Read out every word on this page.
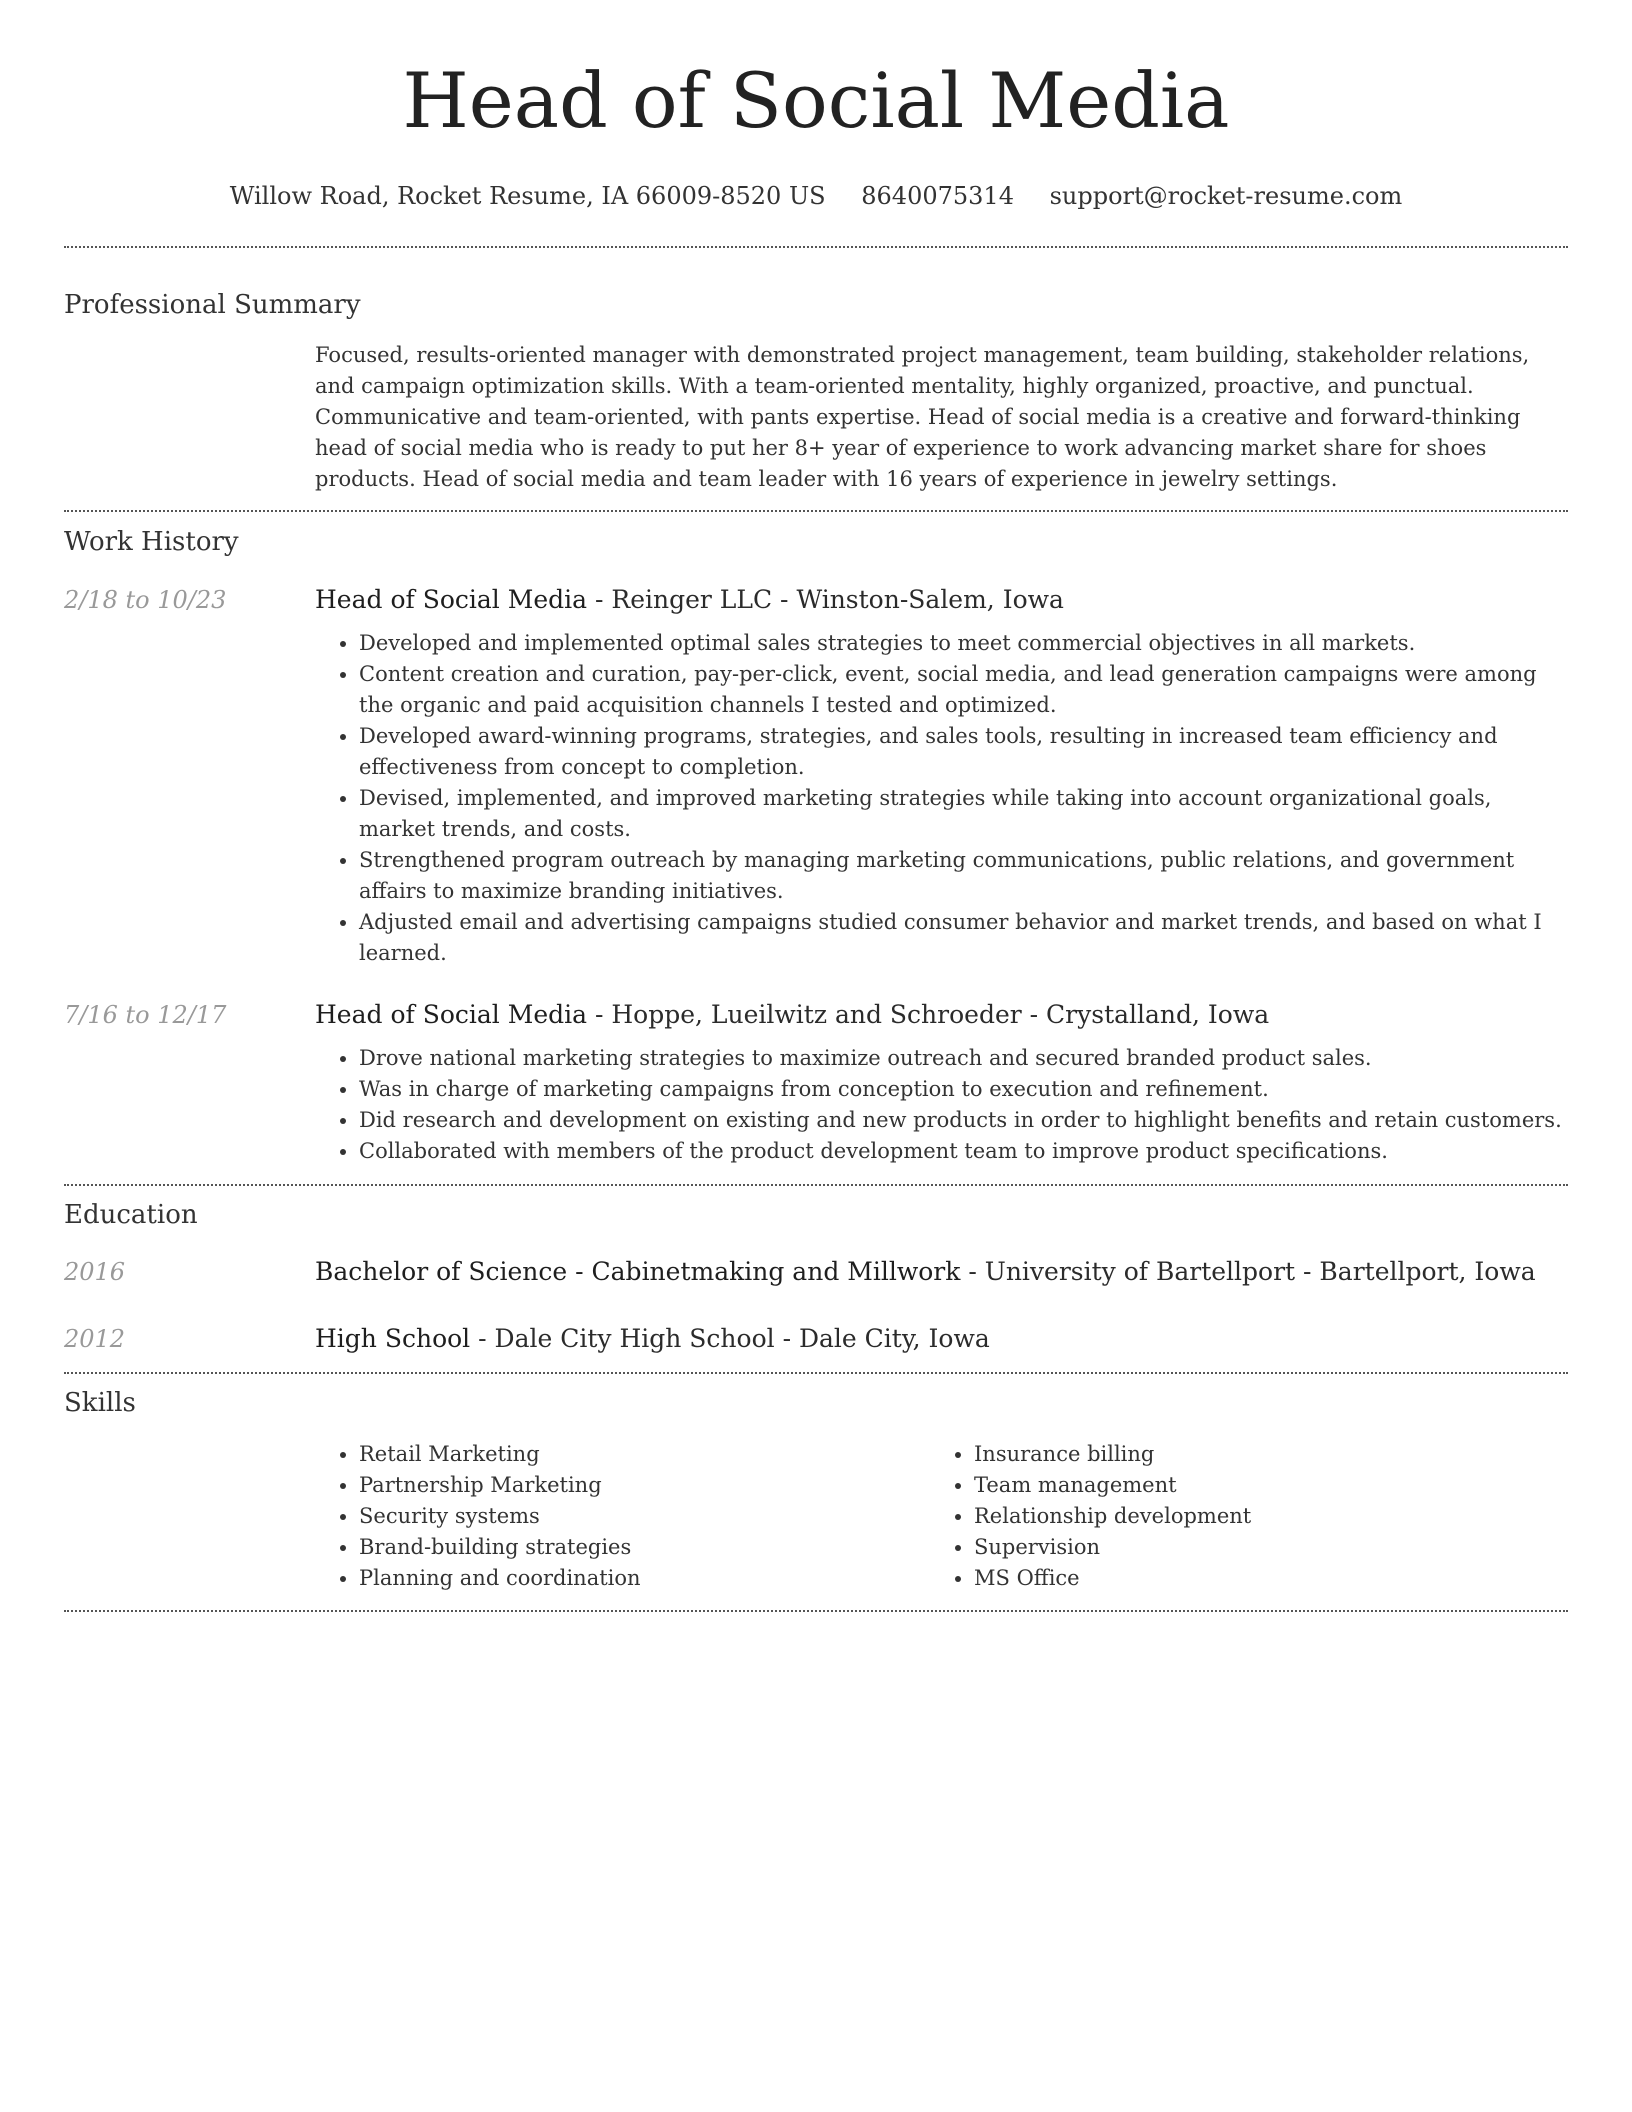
Head of Social Media
Willow Road, Rocket Resume, IA 66009-8520 US 8640075314 support@rocket-resume.com
Professional Summary
Focused, results-oriented manager with demonstrated project management, team building, stakeholder relations, and campaign optimization skills. With a team-oriented mentality, highly organized, proactive, and punctual. Communicative and team-oriented, with pants expertise. Head of social media is a creative and forward-thinking head of social media who is ready to put her 8+ year of experience to work advancing market share for shoes products. Head of social media and team leader with 16 years of experience in jewelry settings.
Work History
2/18 to 10/23	Head of Social Media - Reinger LLC - Winston-Salem, Iowa
• Developed and implemented optimal sales strategies to meet commercial objectives in all markets.
• Content creation and curation, pay-per-click, event, social media, and lead generation campaigns were among the organic and paid acquisition channels I tested and optimized.
• Developed award-winning programs, strategies, and sales tools, resulting in increased team efficiency and effectiveness from concept to completion.
• Devised, implemented, and improved marketing strategies while taking into account organizational goals, market trends, and costs.
• Strengthened program outreach by managing marketing communications, public relations, and government affairs to maximize branding initiatives.
• Adjusted email and advertising campaigns studied consumer behavior and market trends, and based on what I learned.
7/16 to 12/17	Head of Social Media - Hoppe, Lueilwitz and Schroeder - Crystalland, Iowa
• Drove national marketing strategies to maximize outreach and secured branded product sales.
• Was in charge of marketing campaigns from conception to execution and refinement.
• Did research and development on existing and new products in order to highlight benefits and retain customers.
• Collaborated with members of the product development team to improve product specifications.
Education
2016	Bachelor of Science - Cabinetmaking and Millwork - University of Bartellport - Bartellport, Iowa
2012	High School - Dale City High School - Dale City, Iowa
Skills
• Retail Marketing
• Partnership Marketing
• Security systems
• Brand-building strategies
• Planning and coordination
• Insurance billing
• Team management
• Relationship development
• Supervision
• MS Office
